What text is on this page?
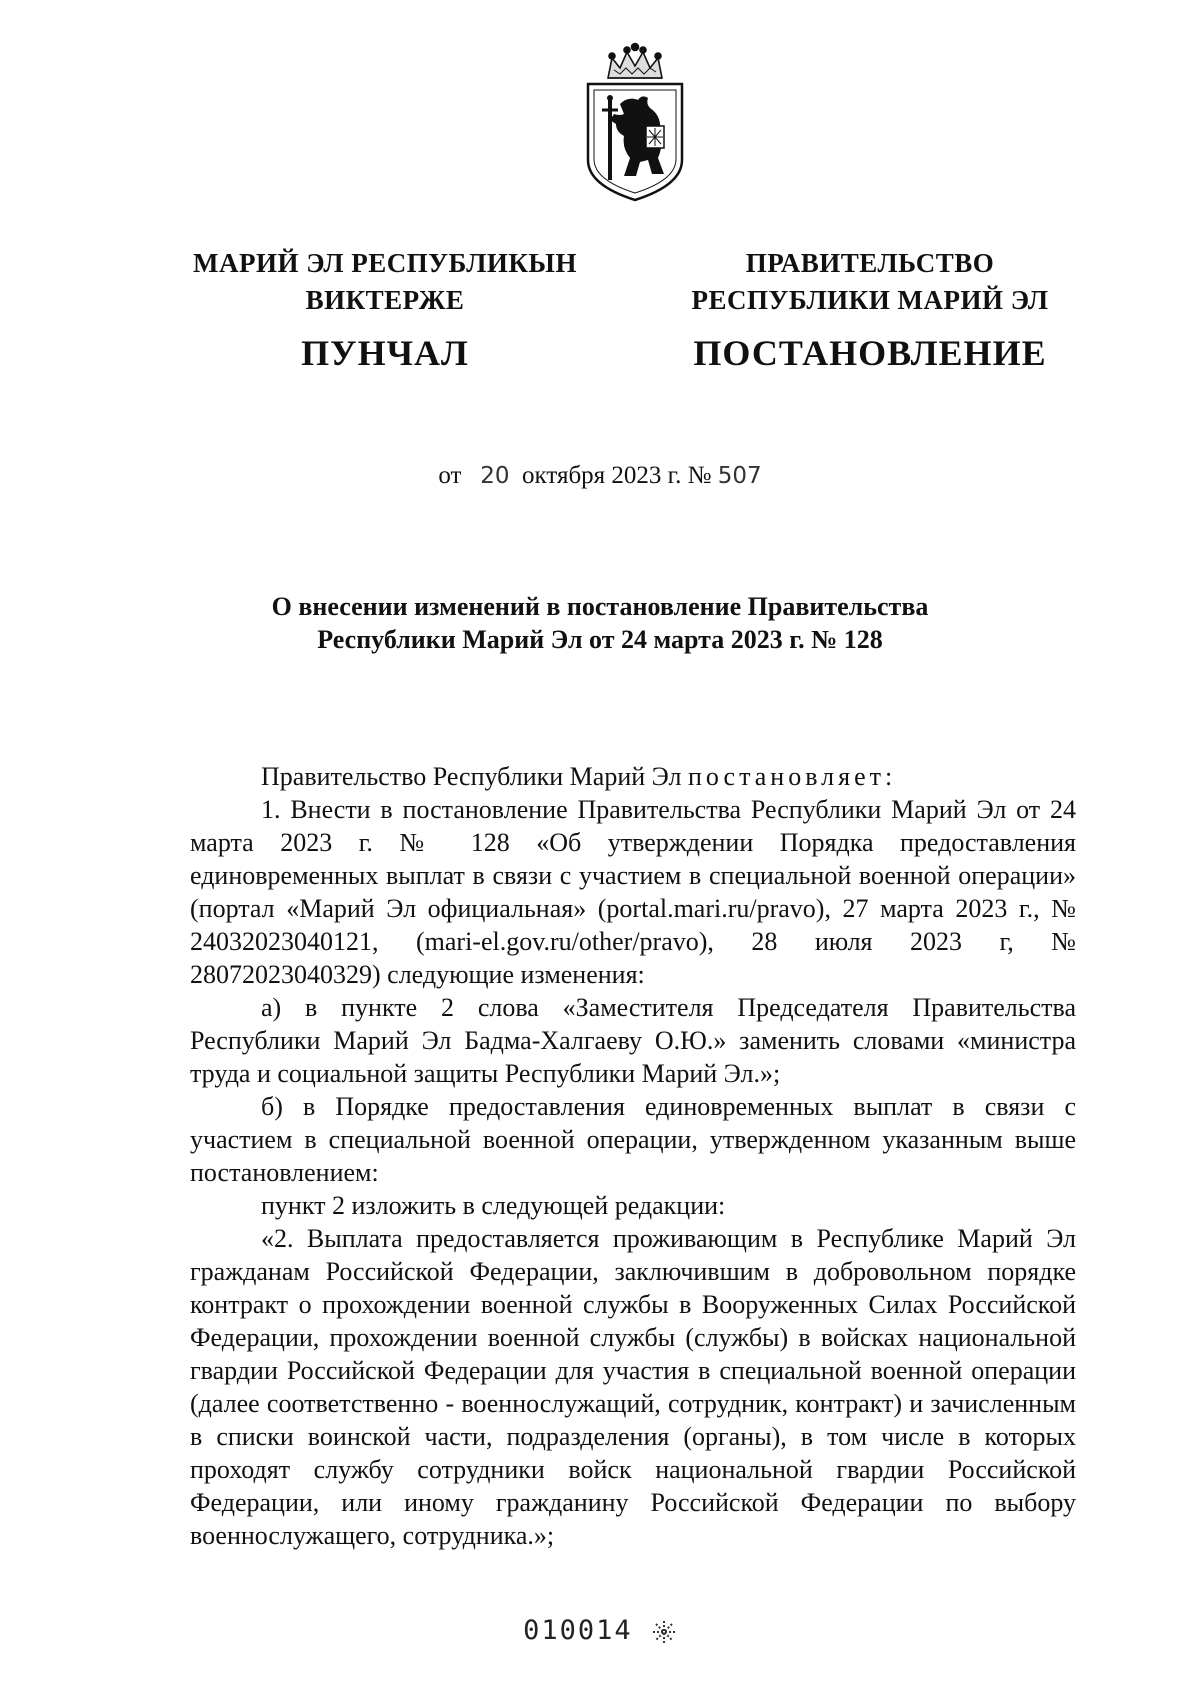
МАРИЙ ЭЛ РЕСПУБЛИКЫН
ВИКТЕРЖЕ
ПУНЧАЛ
ПРАВИТЕЛЬСТВО
РЕСПУБЛИКИ МАРИЙ ЭЛ
ПОСТАНОВЛЕНИЕ
от 20 октября 2023 г. № 507
О внесении изменений в постановление Правительства
Республики Марий Эл от 24 марта 2023 г. № 128

Правительство Республики Марий Эл постановляет:

1. Внести в постановление Правительства Республики Марий Эл от 24 марта 2023 г. № 128 «Об утверждении Порядка предоставления единовременных выплат в связи с участием в специальной военной операции» (портал «Марий Эл официальная» (portal.mari.ru/pravo), 27 марта 2023 г., № 24032023040121, (mari-el.gov.ru/other/pravo), 28 июля 2023 г, № 28072023040329) следующие изменения:

а) в пункте 2 слова «Заместителя Председателя Правительства Республики Марий Эл Бадма-Халгаеву О.Ю.» заменить словами «министра труда и социальной защиты Республики Марий Эл.»;

б) в Порядке предоставления единовременных выплат в связи с участием в специальной военной операции, утвержденном указанным выше постановлением:

пункт 2 изложить в следующей редакции:

«2. Выплата предоставляется проживающим в Республике Марий Эл гражданам Российской Федерации, заключившим в добровольном порядке контракт о прохождении военной службы в Вооруженных Силах Российской Федерации, прохождении военной службы (службы) в войсках национальной гвардии Российской Федерации для участия в специальной военной операции (далее соответственно - военнослужащий, сотрудник, контракт) и зачисленным в списки воинской части, подразделения (органы), в том числе в которых проходят службу сотрудники войск национальной гвардии Российской Федерации, или иному гражданину Российской Федерации по выбору военнослужащего, сотрудника.»;

010014
